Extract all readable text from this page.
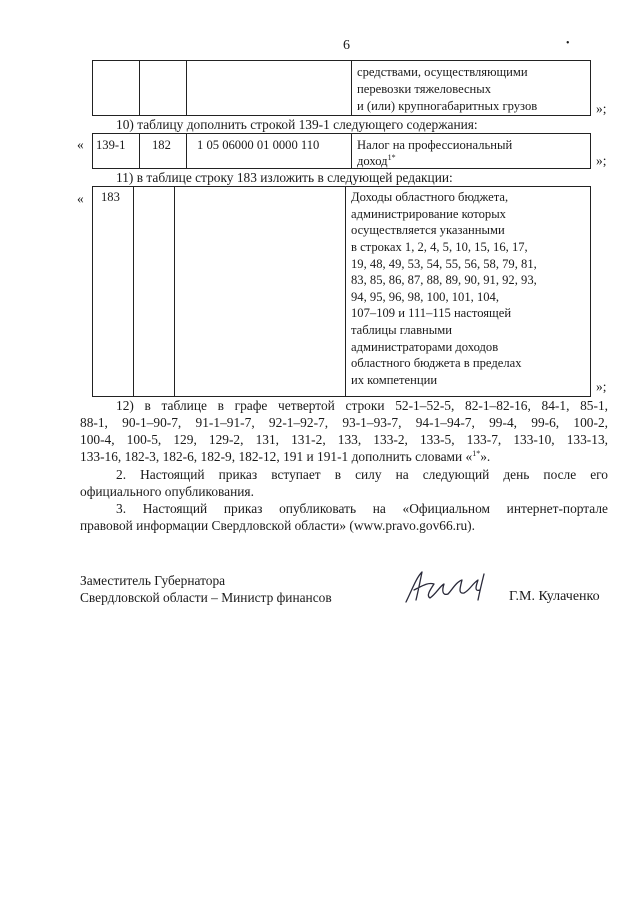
6	•
средствами, осуществляющими
перевозки тяжеловесных
и (или) крупногабаритных грузов	»;
10) таблицу дополнить строкой 139-1 следующего содержания:
« 139-1 182 1 05 06000 01 0000 110	Налог на профессиональный
доход$^{1*}$	»;
11) в таблице строку 183 изложить в следующей редакции:
« 183	Доходы областного бюджета,
администрирование которых
осуществляется указанными
в строках 1, 2, 4, 5, 10, 15, 16, 17,
19, 48, 49, 53, 54, 55, 56, 58, 79, 81,
83, 85, 86, 87, 88, 89, 90, 91, 92, 93,
94, 95, 96, 98, 100, 101, 104,
107–109 и 111–115 настоящей
таблицы главными
администраторами доходов
областного бюджета в пределах
их компетенции	»;
12) в таблице в графе четвертой строки 52-1–52-5, 82-1–82-16, 84-1, 85-1,
88-1, 90-1–90-7, 91-1–91-7, 92-1–92-7, 93-1–93-7, 94-1–94-7, 99-4, 99-6, 100-2,
100-4, 100-5, 129, 129-2, 131, 131-2, 133, 133-2, 133-5, 133-7, 133-10, 133-13,
133-16, 182-3, 182-6, 182-9, 182-12, 191 и 191-1 дополнить словами «$^{1*}$».
2. Настоящий приказ вступает в силу на следующий день после его
официального опубликования.
3. Настоящий приказ опубликовать на «Официальном интернет-портале
правовой информации Свердловской области» (www.pravo.gov66.ru).
Заместитель Губернатора
Свердловской области – Министр финансов	Г.М. Кулаченко
